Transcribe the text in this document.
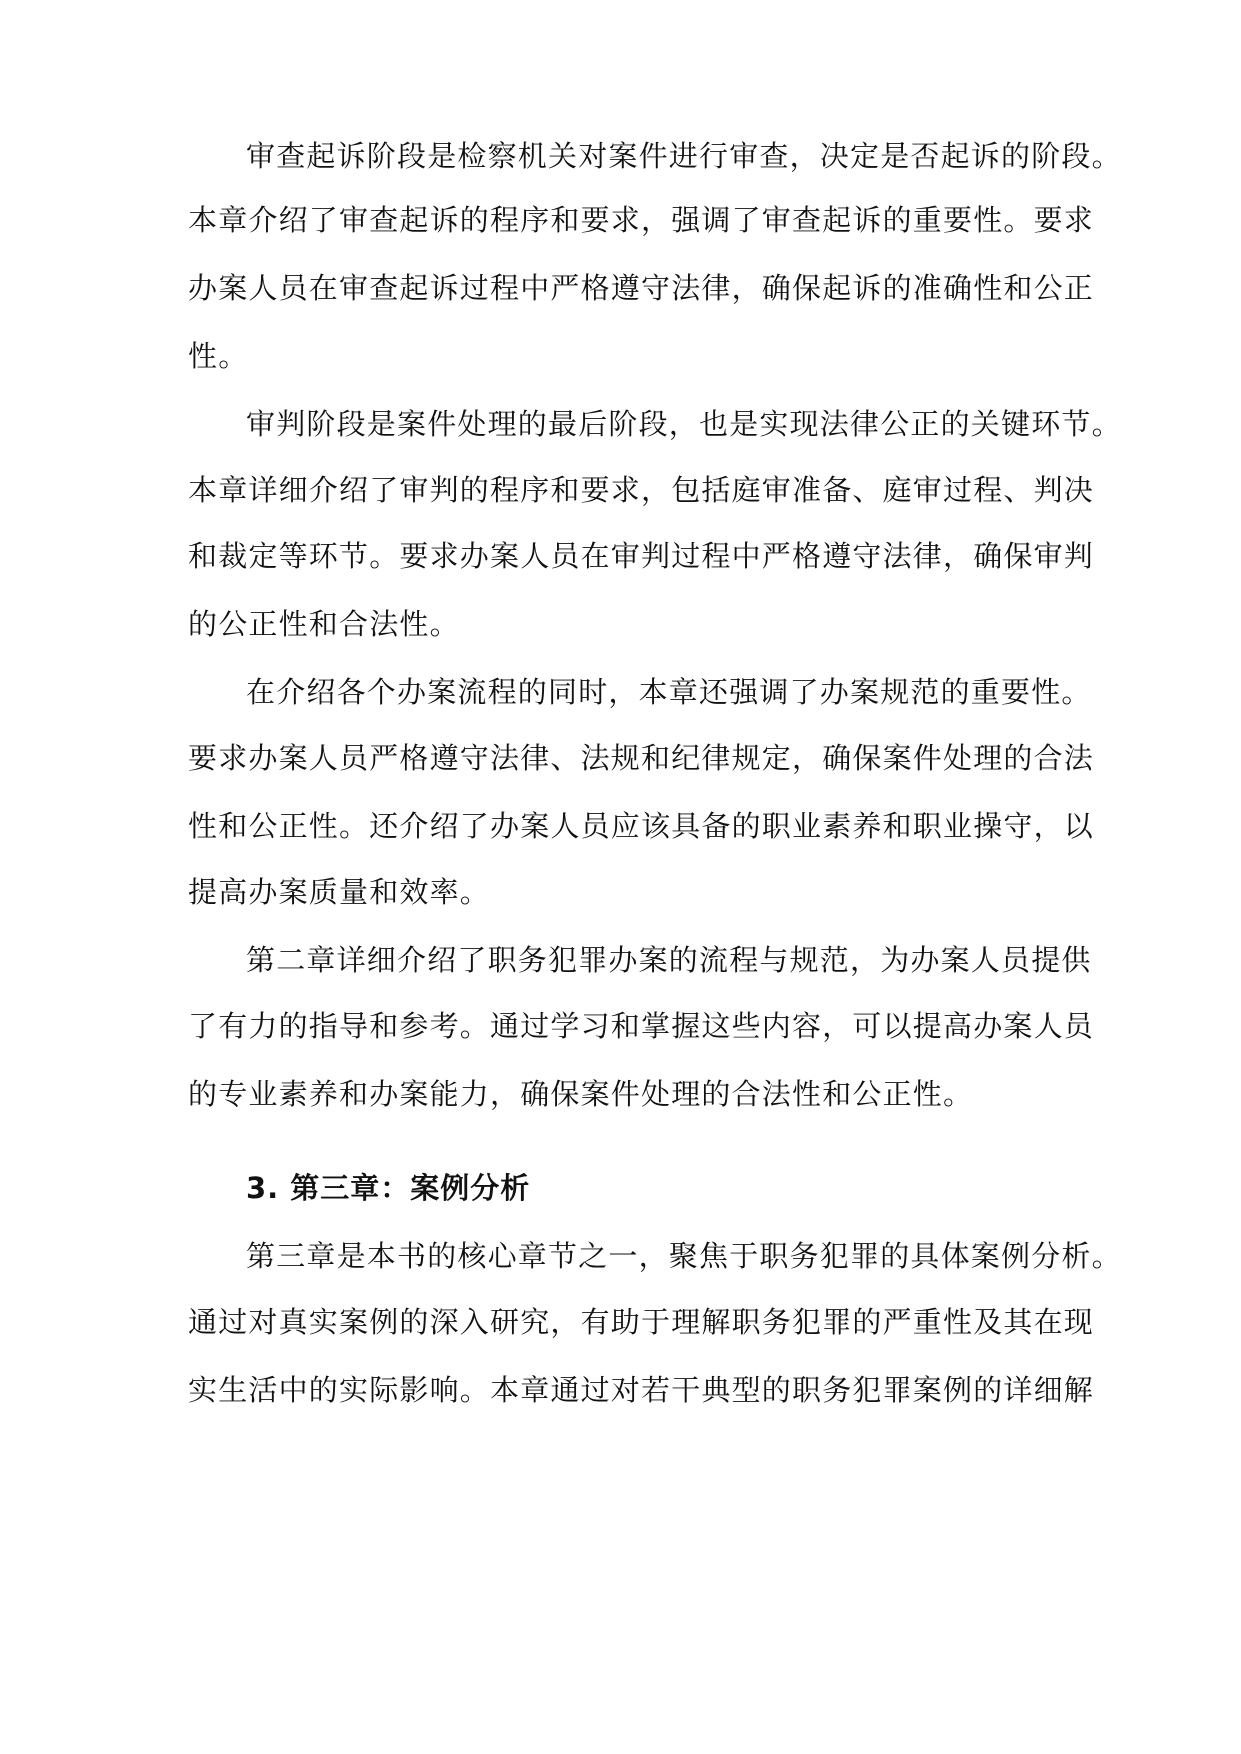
审查起诉阶段是检察机关对案件进行审查，决定是否起诉的阶段。
本章介绍了审查起诉的程序和要求，强调了审查起诉的重要性。要求
办案人员在审查起诉过程中严格遵守法律，确保起诉的准确性和公正
性。
审判阶段是案件处理的最后阶段，也是实现法律公正的关键环节。
本章详细介绍了审判的程序和要求，包括庭审准备、庭审过程、判决
和裁定等环节。要求办案人员在审判过程中严格遵守法律，确保审判
的公正性和合法性。
在介绍各个办案流程的同时，本章还强调了办案规范的重要性。
要求办案人员严格遵守法律、法规和纪律规定，确保案件处理的合法
性和公正性。还介绍了办案人员应该具备的职业素养和职业操守，以
提高办案质量和效率。
第二章详细介绍了职务犯罪办案的流程与规范，为办案人员提供
了有力的指导和参考。通过学习和掌握这些内容，可以提高办案人员
的专业素养和办案能力，确保案件处理的合法性和公正性。
3. 第三章：案例分析
第三章是本书的核心章节之一，聚焦于职务犯罪的具体案例分析。
通过对真实案例的深入研究，有助于理解职务犯罪的严重性及其在现
实生活中的实际影响。本章通过对若干典型的职务犯罪案例的详细解
